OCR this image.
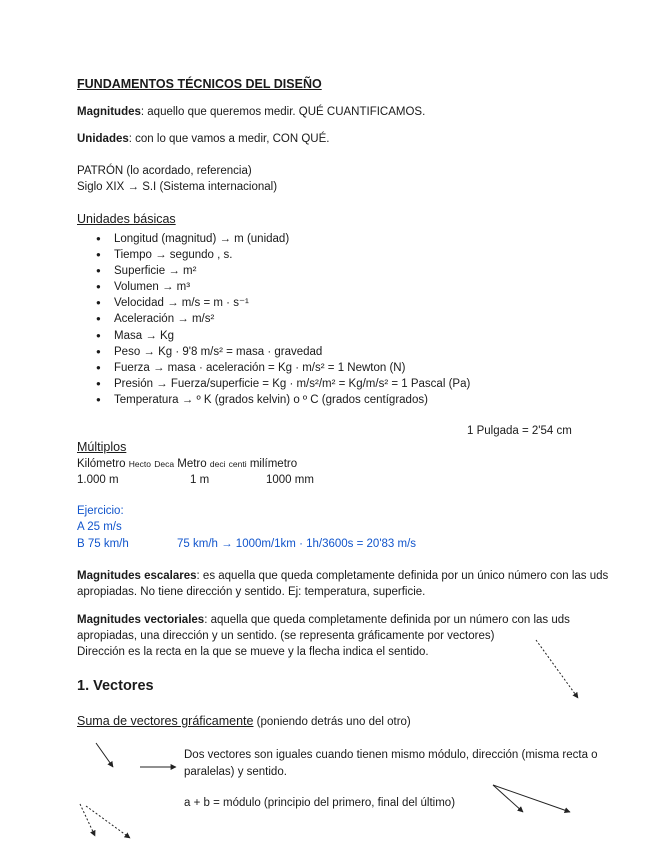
FUNDAMENTOS TÉCNICOS DEL DISEÑO
Magnitudes: aquello que queremos medir. QUÉ CUANTIFICAMOS.
Unidades: con lo que vamos a medir, CON QUÉ.
PATRÓN (lo acordado, referencia)
Siglo XIX → S.I (Sistema internacional)
Unidades básicas
● Longitud (magnitud) → m (unidad)
● Tiempo → segundo , s.
● Superficie → m²
● Volumen → m³
● Velocidad → m/s = m · s⁻¹
● Aceleración → m/s²
● Masa → Kg
● Peso → Kg · 9'8 m/s² = masa · gravedad
● Fuerza → masa · aceleración = Kg · m/s² = 1 Newton (N)
● Presión → Fuerza/superficie = Kg · m/s²/m² = Kg/m/s² = 1 Pascal (Pa)
● Temperatura → º K (grados kelvin) o º C (grados centígrados)
1 Pulgada = 2'54 cm
Múltiplos
Kilómetro Hecto Deca Metro deci centi milímetro
1.000 m	1 m	1000 mm
Ejercicio:
A 25 m/s
B 75 km/h	75 km/h → 1000m/1km · 1h/3600s = 20'83 m/s
Magnitudes escalares: es aquella que queda completamente definida por un único número con las uds
apropiadas. No tiene dirección y sentido. Ej: temperatura, superficie.
Magnitudes vectoriales: aquella que queda completamente definida por un número con las uds
apropiadas, una dirección y un sentido. (se representa gráficamente por vectores)
Dirección es la recta en la que se mueve y la flecha indica el sentido.
1. Vectores
Suma de vectores gráficamente (poniendo detrás uno del otro)
Dos vectores son iguales cuando tienen mismo módulo, dirección (misma recta o
paralelas) y sentido.
a + b = módulo (principio del primero, final del último)
